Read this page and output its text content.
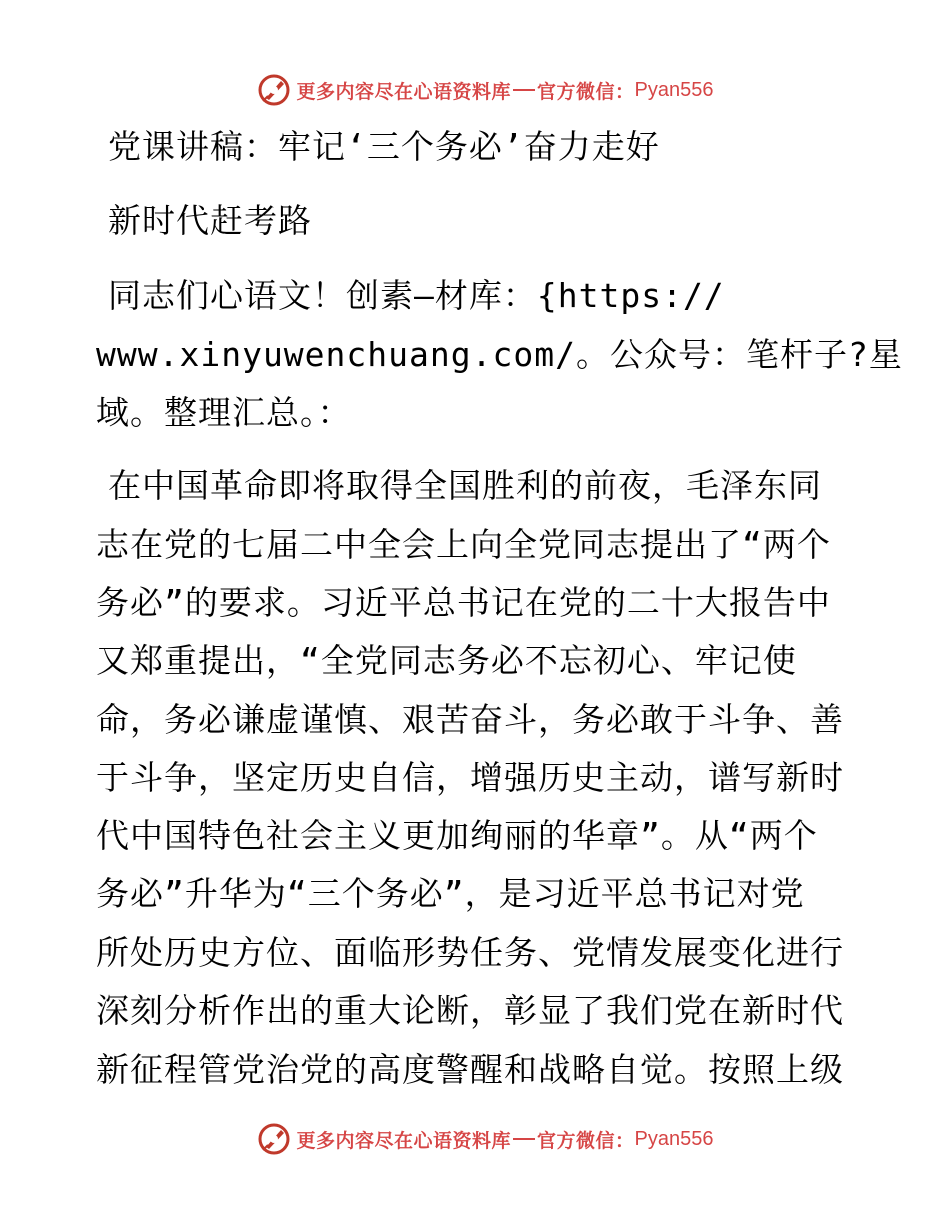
更多内容尽在心语资料库 官方微信： Pyan556
党课讲稿：牢记‘三个务必’奋力走好
新时代赶考路
同志们心语文！创素—材库：{https://
www.xinyuwenchuang.com/。公众号：笔杆子?星
域。整理汇总。：
在中国革命即将取得全国胜利的前夜，毛泽东同
志在党的七届二中全会上向全党同志提出了“两个
务必”的要求。习近平总书记在党的二十大报告中
又郑重提出，“全党同志务必不忘初心、牢记使
命，务必谦虚谨慎、艰苦奋斗，务必敢于斗争、善
于斗争，坚定历史自信，增强历史主动，谱写新时
代中国特色社会主义更加绚丽的华章”。从“两个
务必”升华为“三个务必”，是习近平总书记对党
所处历史方位、面临形势任务、党情发展变化进行
深刻分析作出的重大论断，彰显了我们党在新时代
新征程管党治党的高度警醒和战略自觉。按照上级
更多内容尽在心语资料库 官方微信： Pyan556
